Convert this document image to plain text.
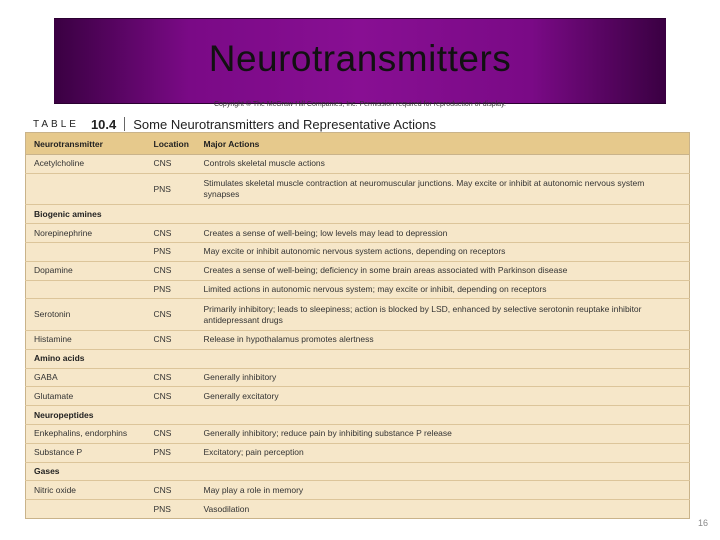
Neurotransmitters
Copyright © The McGraw-Hill Companies, Inc. Permission required for reproduction or display.
TABLE 10.4 Some Neurotransmitters and Representative Actions
Neurotransmitter	Location	Major Actions
Acetylcholine	CNS	Controls skeletal muscle actions
	PNS	Stimulates skeletal muscle contraction at neuromuscular junctions. May excite or inhibit at autonomic nervous system synapses
Biogenic amines		
Norepinephrine	CNS	Creates a sense of well-being; low levels may lead to depression
	PNS	May excite or inhibit autonomic nervous system actions, depending on receptors
Dopamine	CNS	Creates a sense of well-being; deficiency in some brain areas associated with Parkinson disease
	PNS	Limited actions in autonomic nervous system; may excite or inhibit, depending on receptors
Serotonin	CNS	Primarily inhibitory; leads to sleepiness; action is blocked by LSD, enhanced by selective serotonin reuptake inhibitor antidepressant drugs
Histamine	CNS	Release in hypothalamus promotes alertness
Amino acids		
GABA	CNS	Generally inhibitory
Glutamate	CNS	Generally excitatory
Neuropeptides		
Enkephalins, endorphins	CNS	Generally inhibitory; reduce pain by inhibiting substance P release
Substance P	PNS	Excitatory; pain perception
Gases		
Nitric oxide	CNS	May play a role in memory
	PNS	Vasodilation
16
